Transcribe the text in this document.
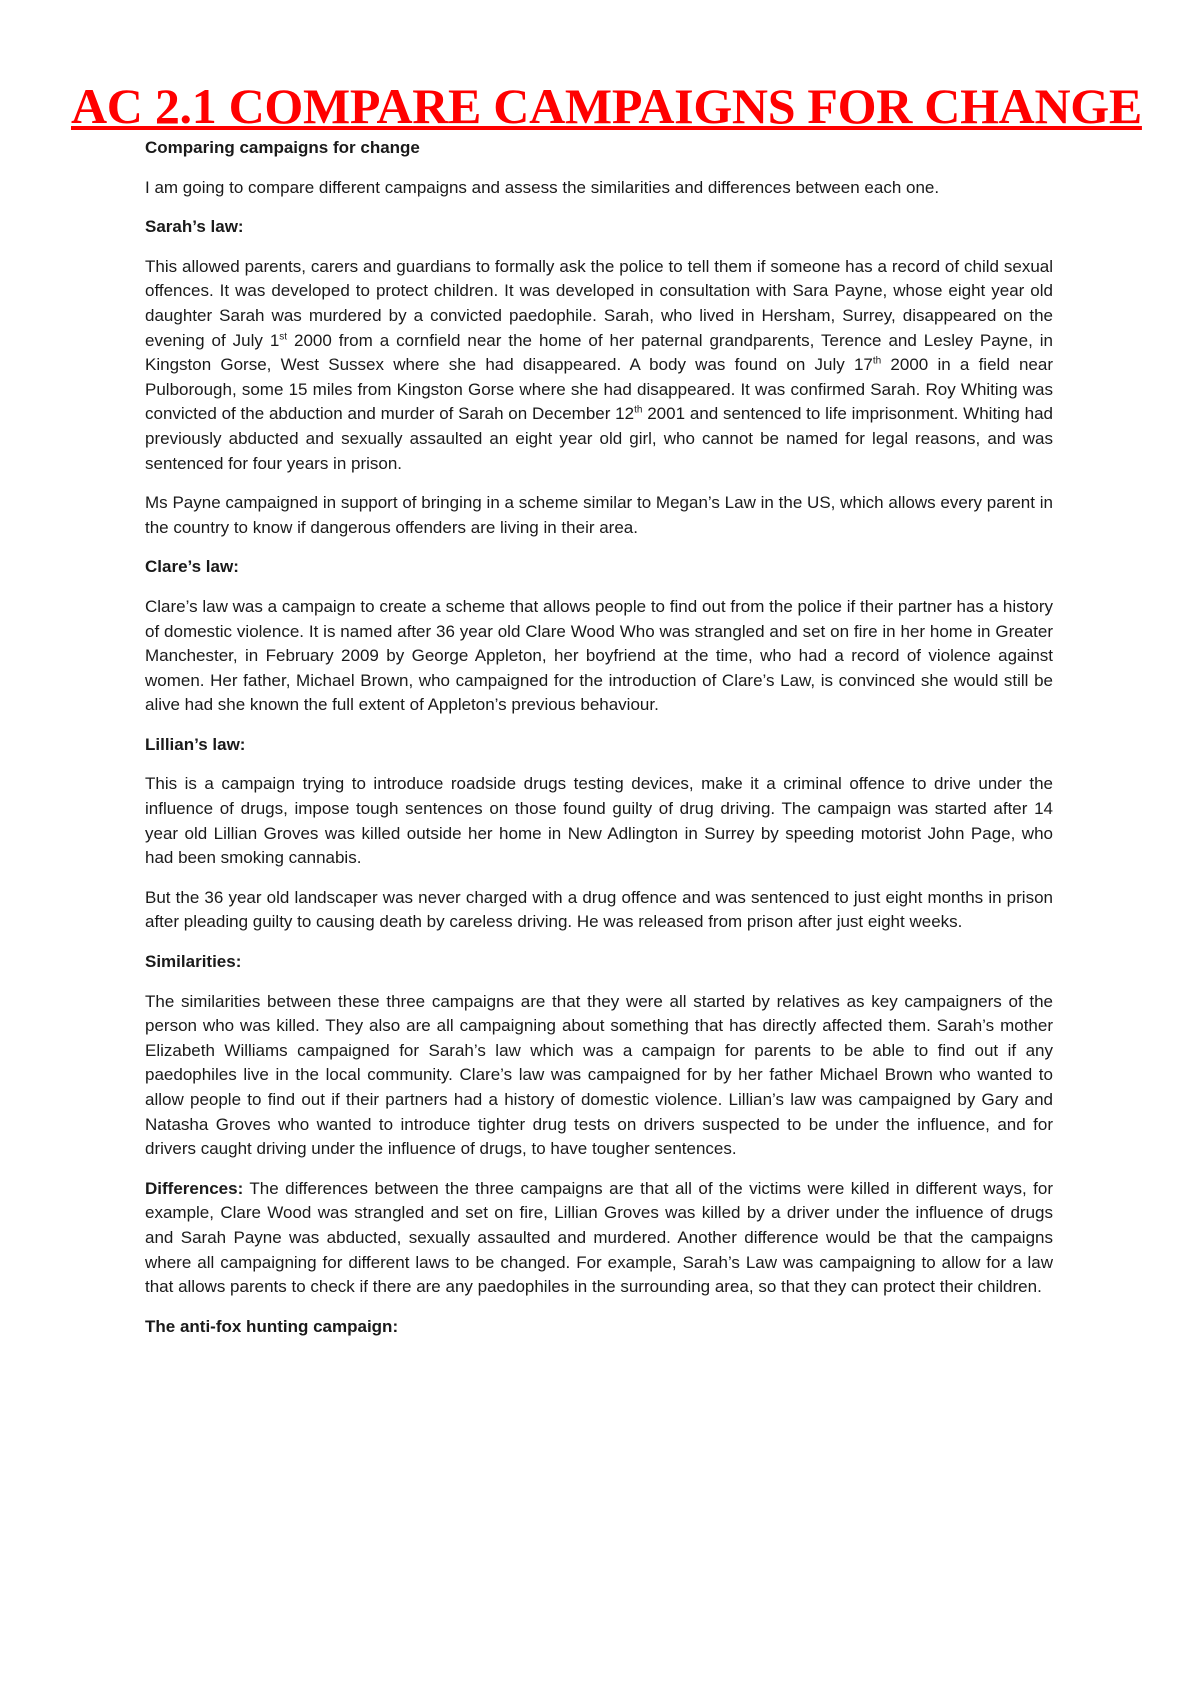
AC 2.1 COMPARE CAMPAIGNS FOR CHANGE

Comparing campaigns for change

I am going to compare different campaigns and assess the similarities and differences between each one.

Sarah’s law:

This allowed parents, carers and guardians to formally ask the police to tell them if someone has a record of child sexual offences. It was developed to protect children. It was developed in consultation with Sara Payne, whose eight year old daughter Sarah was murdered by a convicted paedophile. Sarah, who lived in Hersham, Surrey, disappeared on the evening of July 1st 2000 from a cornfield near the home of her paternal grandparents, Terence and Lesley Payne, in Kingston Gorse, West Sussex where she had disappeared. A body was found on July 17th 2000 in a field near Pulborough, some 15 miles from Kingston Gorse where she had disappeared. It was confirmed Sarah. Roy Whiting was convicted of the abduction and murder of Sarah on December 12th 2001 and sentenced to life imprisonment. Whiting had previously abducted and sexually assaulted an eight year old girl, who cannot be named for legal reasons, and was sentenced for four years in prison.

Ms Payne campaigned in support of bringing in a scheme similar to Megan’s Law in the US, which allows every parent in the country to know if dangerous offenders are living in their area.

Clare’s law:

Clare’s law was a campaign to create a scheme that allows people to find out from the police if their partner has a history of domestic violence. It is named after 36 year old Clare Wood Who was strangled and set on fire in her home in Greater Manchester, in February 2009 by George Appleton, her boyfriend at the time, who had a record of violence against women. Her father, Michael Brown, who campaigned for the introduction of Clare’s Law, is convinced she would still be alive had she known the full extent of Appleton’s previous behaviour.

Lillian’s law:

This is a campaign trying to introduce roadside drugs testing devices, make it a criminal offence to drive under the influence of drugs, impose tough sentences on those found guilty of drug driving. The campaign was started after 14 year old Lillian Groves was killed outside her home in New Adlington in Surrey by speeding motorist John Page, who had been smoking cannabis.

But the 36 year old landscaper was never charged with a drug offence and was sentenced to just eight months in prison after pleading guilty to causing death by careless driving. He was released from prison after just eight weeks.

Similarities:

The similarities between these three campaigns are that they were all started by relatives as key campaigners of the person who was killed. They also are all campaigning about something that has directly affected them. Sarah’s mother Elizabeth Williams campaigned for Sarah’s law which was a campaign for parents to be able to find out if any paedophiles live in the local community. Clare’s law was campaigned for by her father Michael Brown who wanted to allow people to find out if their partners had a history of domestic violence. Lillian’s law was campaigned by Gary and Natasha Groves who wanted to introduce tighter drug tests on drivers suspected to be under the influence, and for drivers caught driving under the influence of drugs, to have tougher sentences.

Differences: The differences between the three campaigns are that all of the victims were killed in different ways, for example, Clare Wood was strangled and set on fire, Lillian Groves was killed by a driver under the influence of drugs and Sarah Payne was abducted, sexually assaulted and murdered. Another difference would be that the campaigns where all campaigning for different laws to be changed. For example, Sarah’s Law was campaigning to allow for a law that allows parents to check if there are any paedophiles in the surrounding area, so that they can protect their children.

The anti-fox hunting campaign:
